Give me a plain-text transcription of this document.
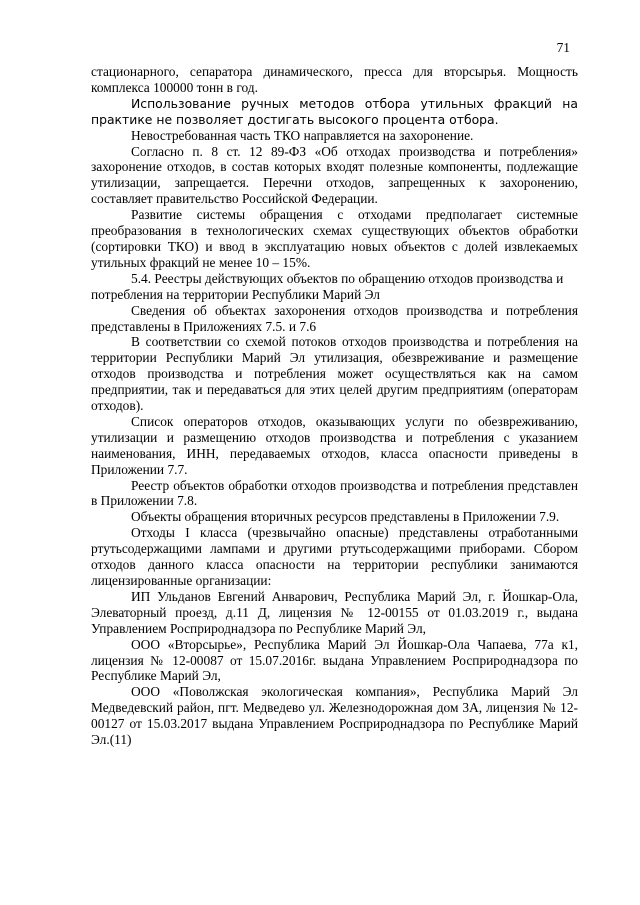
71

стационарного, сепаратора динамического, пресса для вторсырья. Мощность комплекса 100000 тонн в год.

Использование ручных методов отбора утильных фракций на практике не позволяет достигать высокого процента отбора.

Невостребованная часть ТКО направляется на захоронение.

Согласно п. 8 ст. 12 89-ФЗ «Об отходах производства и потребления» захоронение отходов, в состав которых входят полезные компоненты, подлежащие утилизации, запрещается. Перечни отходов, запрещенных к захоронению, составляет правительство Российской Федерации.

Развитие системы обращения с отходами предполагает системные преобразования в технологических схемах существующих объектов обработки (сортировки ТКО) и ввод в эксплуатацию новых объектов с долей извлекаемых утильных фракций не менее 10 – 15%.

5.4. Реестры действующих объектов по обращению отходов производства и потребления на территории Республики Марий Эл

Сведения об объектах захоронения отходов производства и потребления представлены в Приложениях 7.5. и 7.6

В соответствии со схемой потоков отходов производства и потребления на территории Республики Марий Эл утилизация, обезвреживание и размещение отходов производства и потребления может осуществляться как на самом предприятии, так и передаваться для этих целей другим предприятиям (операторам отходов).

Список операторов отходов, оказывающих услуги по обезвреживанию, утилизации и размещению отходов производства и потребления с указанием наименования, ИНН, передаваемых отходов, класса опасности приведены в Приложении 7.7.

Реестр объектов обработки отходов производства и потребления представлен в Приложении 7.8.

Объекты обращения вторичных ресурсов представлены в Приложении 7.9.

Отходы I класса (чрезвычайно опасные) представлены отработанными ртутьсодержащими лампами и другими ртутьсодержащими приборами. Сбором отходов данного класса опасности на территории республики занимаются лицензированные организации:

ИП Ульданов Евгений Анварович, Республика Марий Эл, г. Йошкар-Ола, Элеваторный проезд, д.11 Д, лицензия № 12-00155 от 01.03.2019 г., выдана Управлением Росприроднадзора по Республике Марий Эл,

ООО «Вторсырье», Республика Марий Эл Йошкар-Ола Чапаева, 77а к1, лицензия № 12-00087 от 15.07.2016г. выдана Управлением Росприроднадзора по Республике Марий Эл,

ООО «Поволжская экологическая компания», Республика Марий Эл Медведевский район, пгт. Медведево ул. Железнодорожная дом 3А, лицензия № 12-00127 от 15.03.2017 выдана Управлением Росприроднадзора по Республике Марий Эл.(11)
